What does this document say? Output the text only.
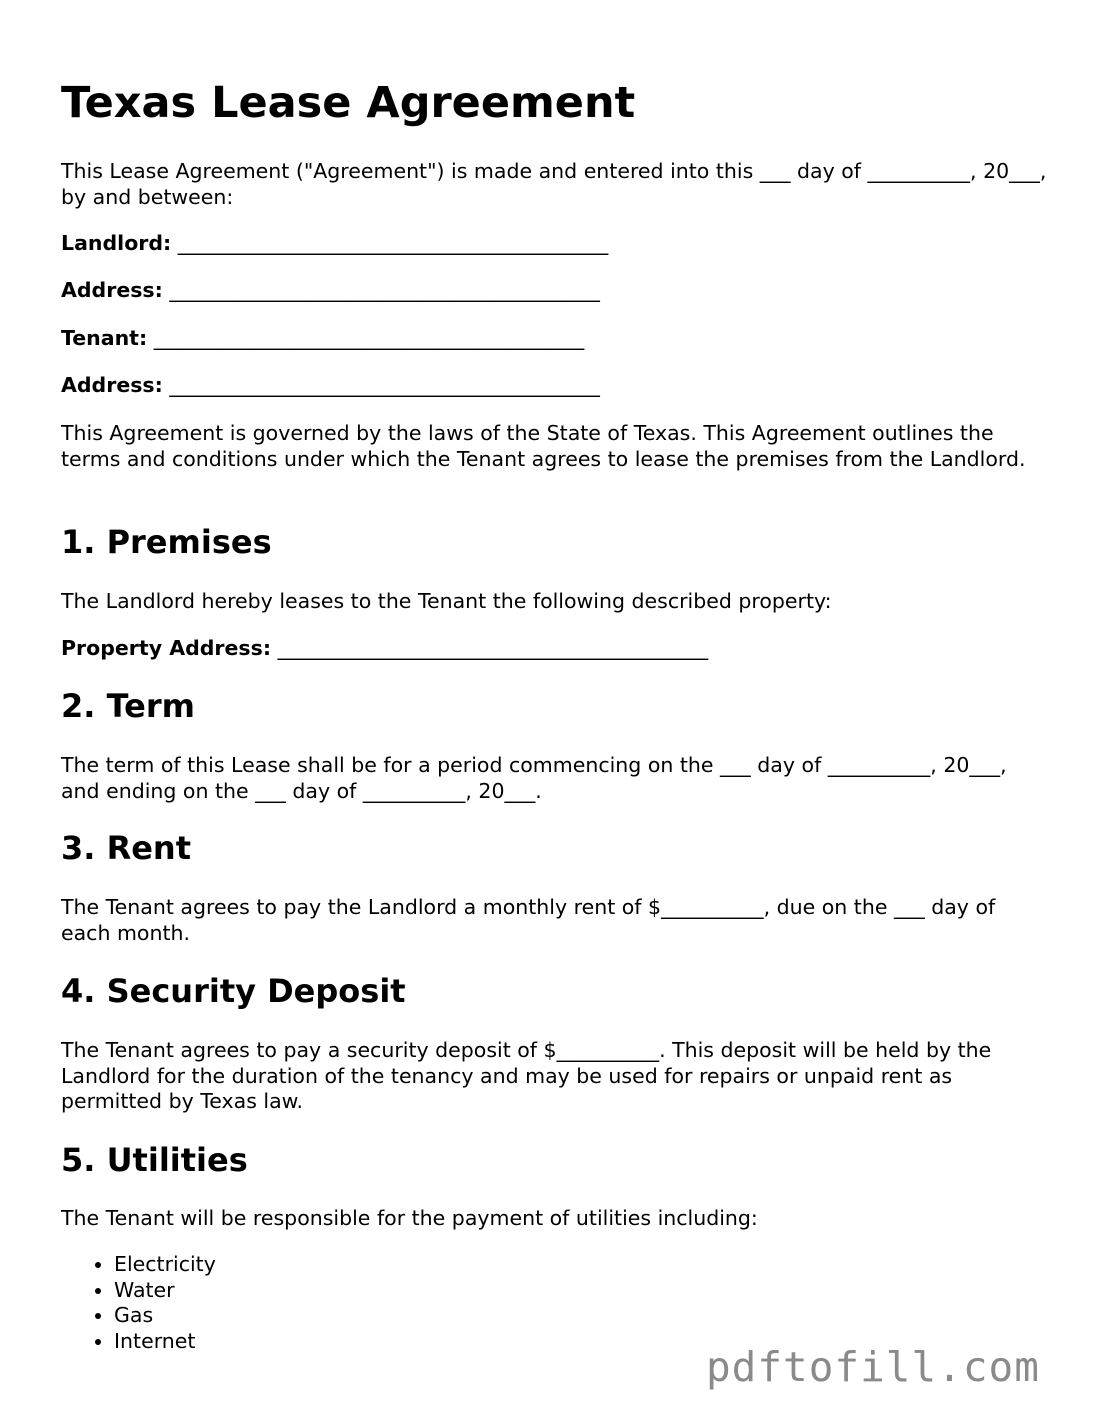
Texas Lease Agreement

This Lease Agreement ("Agreement") is made and entered into this ___ day of __________, 20___, by and between:

Landlord: __________________________________________

Address: __________________________________________

Tenant: __________________________________________

Address: __________________________________________

This Agreement is governed by the laws of the State of Texas. This Agreement outlines the terms and conditions under which the Tenant agrees to lease the premises from the Landlord.

1. Premises

The Landlord hereby leases to the Tenant the following described property:

Property Address: __________________________________________

2. Term

The term of this Lease shall be for a period commencing on the ___ day of __________, 20___, and ending on the ___ day of __________, 20___.

3. Rent

The Tenant agrees to pay the Landlord a monthly rent of $__________, due on the ___ day of each month.

4. Security Deposit

The Tenant agrees to pay a security deposit of $__________. This deposit will be held by the Landlord for the duration of the tenancy and may be used for repairs or unpaid rent as permitted by Texas law.

5. Utilities

The Tenant will be responsible for the payment of utilities including:

• Electricity
• Water
• Gas
• Internet
pdftofill.com
